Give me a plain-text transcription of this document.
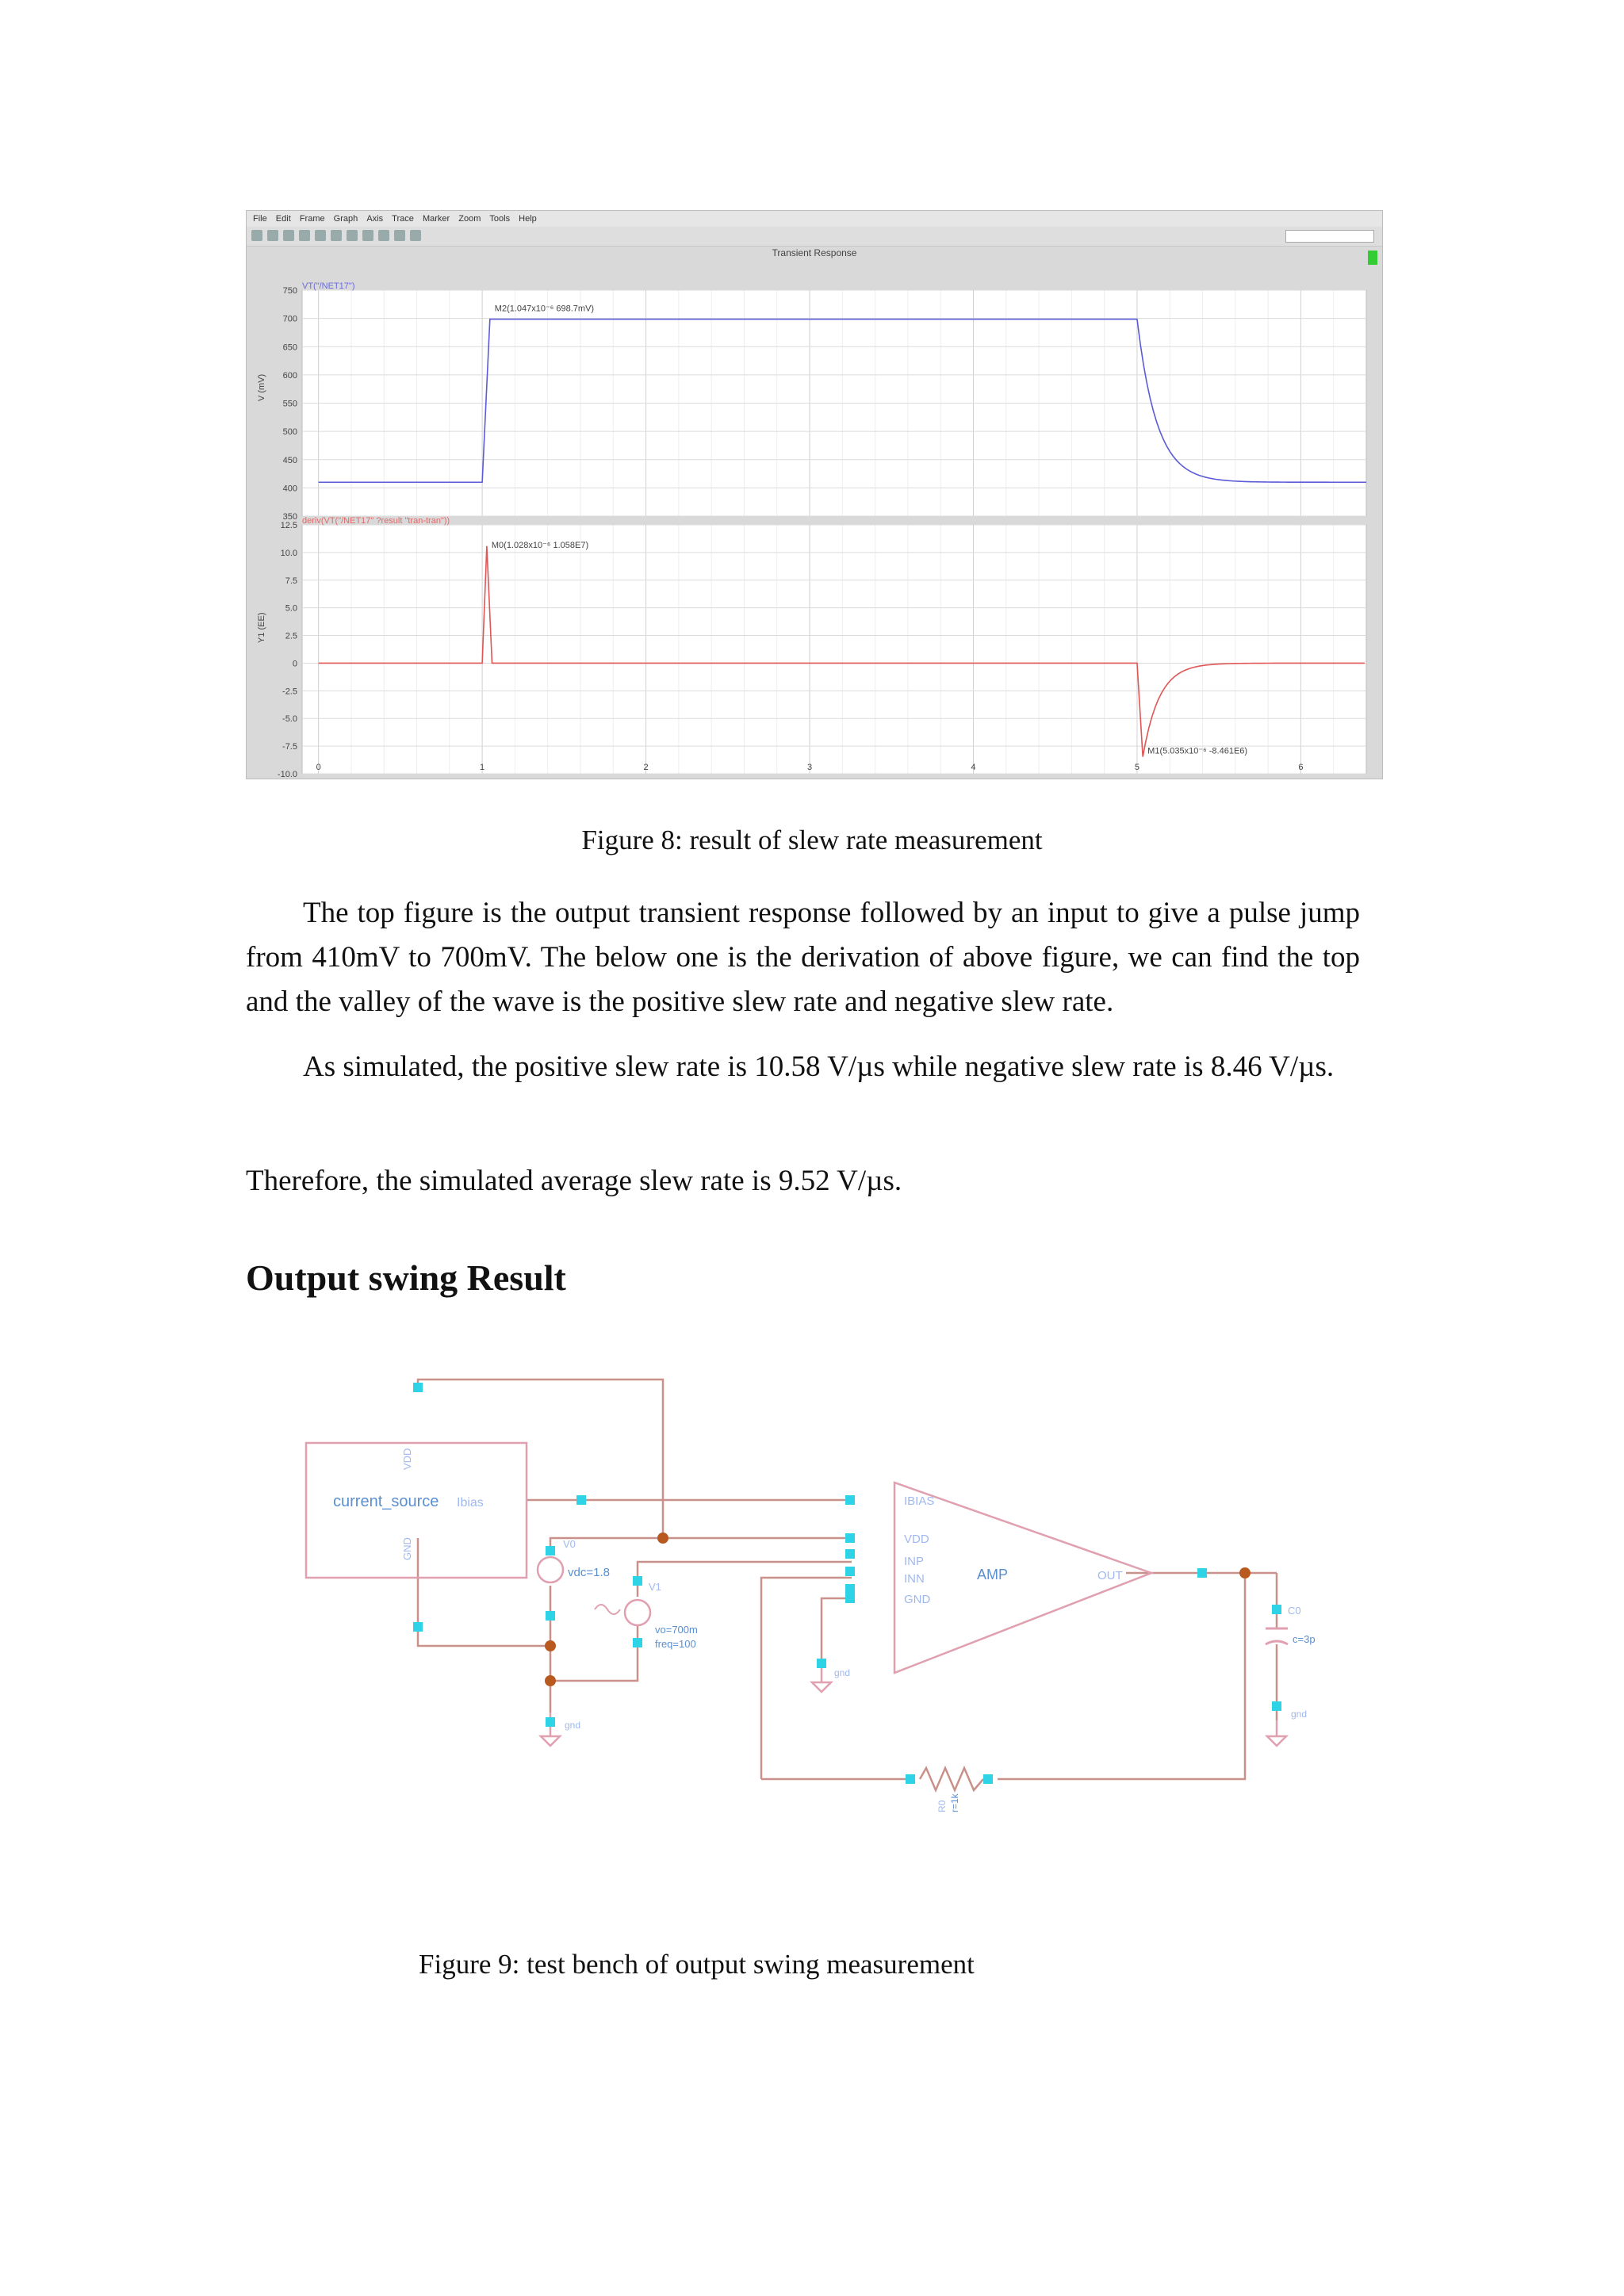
File Edit Frame Graph Axis Trace Marker Zoom Tools Help
Transient Response
VT("/NET17")
deriv(VT("/NET17" ?result "tran-tran"))
V (mV)
Y1 (EE)
750
700
650
600
550
500
450
400
350
12.5
10.0
7.5
5.0
2.5
0
-2.5
-5.0
-7.5
-10.0
0	1	2	3	4	5	6
M2(1.047x10⁻⁶ 698.7mV)
M0(1.028x10⁻⁶ 1.058E7)
M1(5.035x10⁻⁶ -8.461E6)
Figure 8: result of slew rate measurement
The top figure is the output transient response followed by an input to give a pulse jump from 410mV to 700mV. The below one is the derivation of above figure, we can find the top and the valley of the wave is the positive slew rate and negative slew rate.
As simulated, the positive slew rate is 10.58 V/µs while negative slew rate is 8.46 V/µs.
Therefore, the simulated average slew rate is 9.52 V/µs.
Output swing Result
current_source Ibias
VDD
GND
AMP
IBIAS
VDD
INP
INN
GND
OUT
vdc=1.8
V0
V1
vo=700m
freq=100
C0
c=3p
R0 r=1k
gnd
gnd
gnd
Figure 9: test bench of output swing measurement
